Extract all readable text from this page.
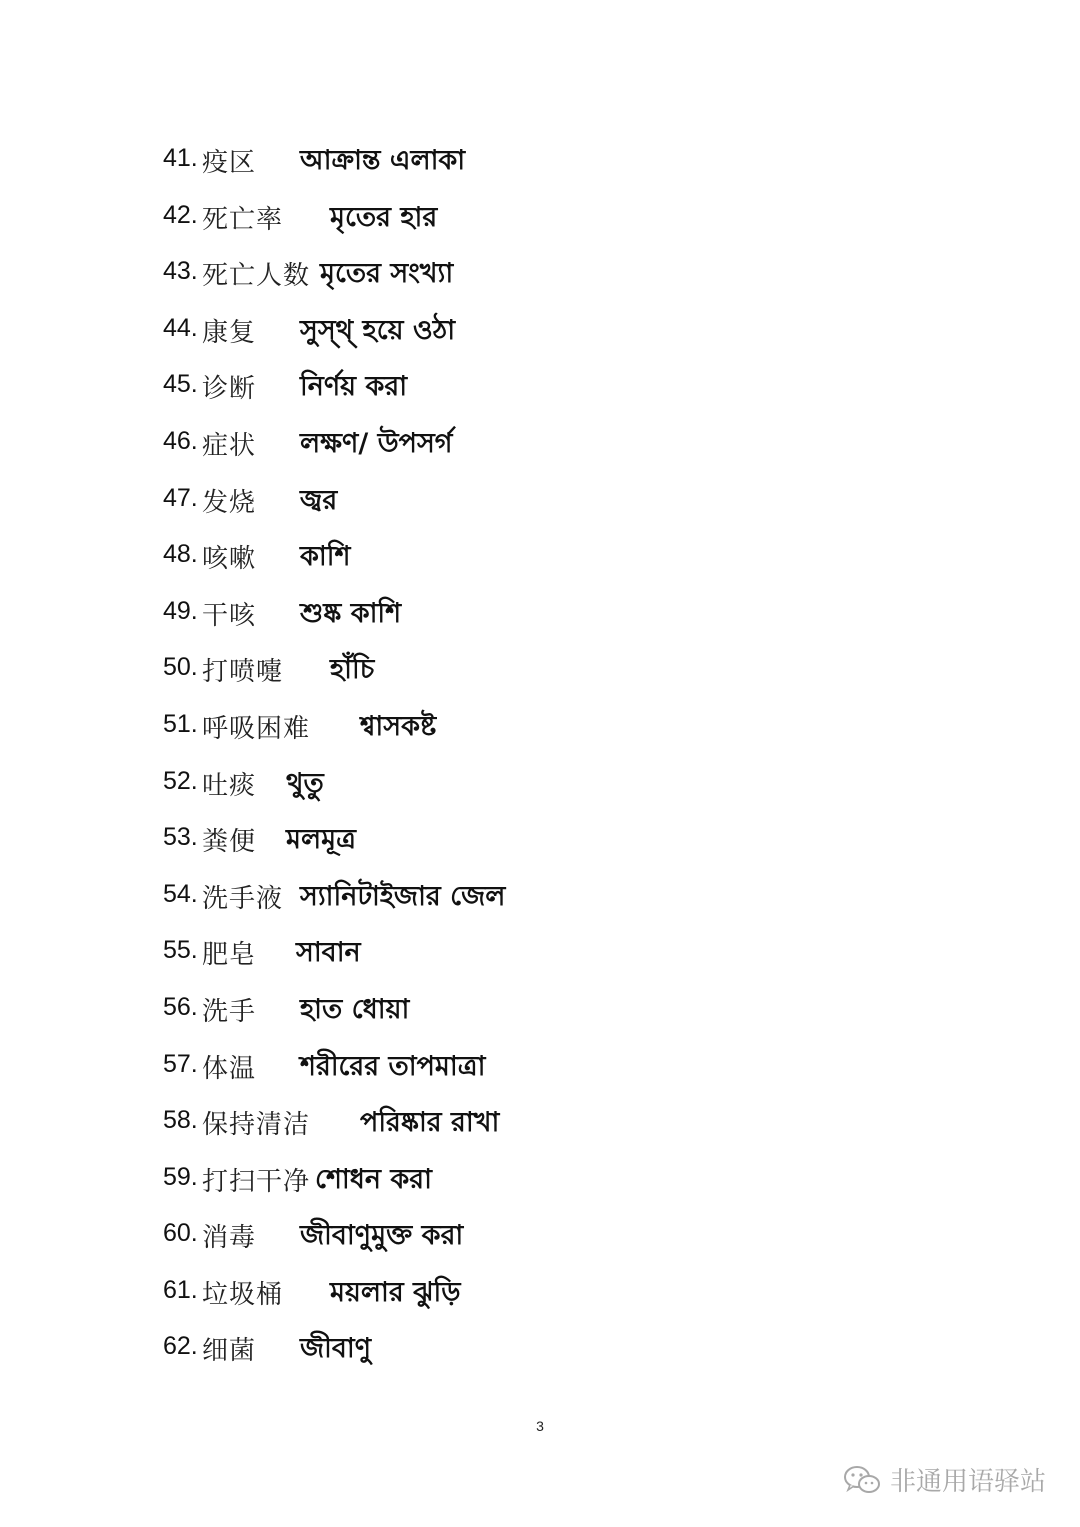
41. 疫区 আক্রান্ত এলাকা
42. 死亡率 মৃতের হার
43. 死亡人数 মৃতের সংখ্যা
44. 康复 সুস্থ্ হয়ে ওঠা
45. 诊断 নির্ণয় করা
46. 症状 লক্ষণ/ উপসর্গ
47. 发烧 জ্বর
48. 咳嗽 কাশি
49. 干咳 শুষ্ক কাশি
50. 打喷嚏 হাঁচি
51. 呼吸困难 শ্বাসকষ্ট
52. 吐痰 থুতু
53. 粪便 মলমূত্র
54. 洗手液 স্যানিটাইজার জেল
55. 肥皂 সাবান
56. 洗手 হাত ধোয়া
57. 体温 শরীরের তাপমাত্রা
58. 保持清洁 পরিষ্কার রাখা
59. 打扫干净 শোধন করা
60. 消毒 জীবাণুমুক্ত করা
61. 垃圾桶 ময়লার ঝুড়ি
62. 细菌 জীবাণু
3
非通用语驿站
